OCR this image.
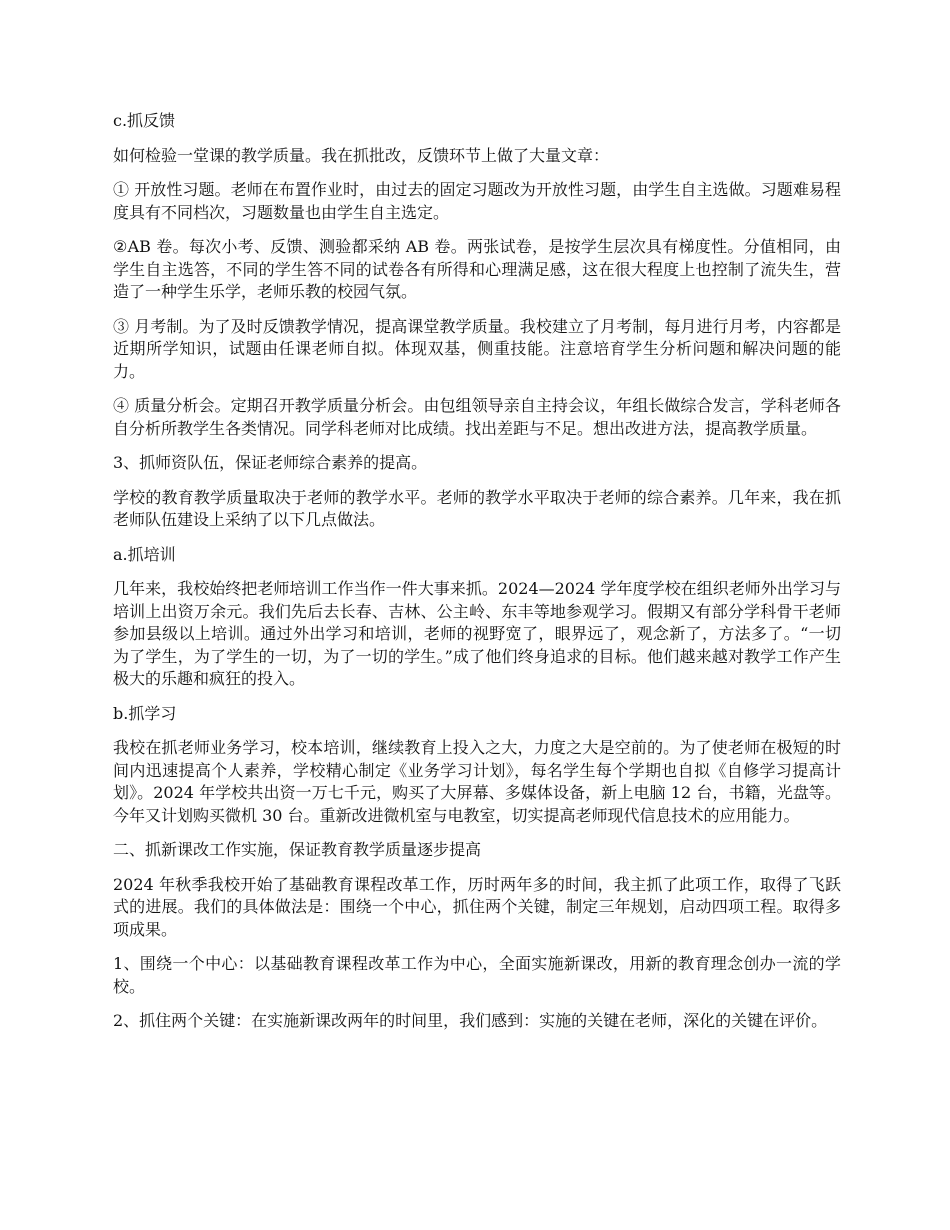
c.抓反馈

如何检验一堂课的教学质量。我在抓批改，反馈环节上做了大量文章：

① 开放性习题。老师在布置作业时，由过去的固定习题改为开放性习题，由学生自主选做。习题难易程度具有不同档次，习题数量也由学生自主选定。

②AB 卷。每次小考、反馈、测验都采纳 AB 卷。两张试卷，是按学生层次具有梯度性。分值相同，由学生自主选答，不同的学生答不同的试卷各有所得和心理满足感，这在很大程度上也控制了流失生，营造了一种学生乐学，老师乐教的校园气氛。

③ 月考制。为了及时反馈教学情况，提高课堂教学质量。我校建立了月考制，每月进行月考，内容都是近期所学知识，试题由任课老师自拟。体现双基，侧重技能。注意培育学生分析问题和解决问题的能力。

④ 质量分析会。定期召开教学质量分析会。由包组领导亲自主持会议，年组长做综合发言，学科老师各自分析所教学生各类情况。同学科老师对比成绩。找出差距与不足。想出改进方法，提高教学质量。

3、抓师资队伍，保证老师综合素养的提高。

学校的教育教学质量取决于老师的教学水平。老师的教学水平取决于老师的综合素养。几年来，我在抓老师队伍建设上采纳了以下几点做法。

a.抓培训

几年来，我校始终把老师培训工作当作一件大事来抓。2024—2024 学年度学校在组织老师外出学习与培训上出资万余元。我们先后去长春、吉林、公主岭、东丰等地参观学习。假期又有部分学科骨干老师参加县级以上培训。通过外出学习和培训，老师的视野宽了，眼界远了，观念新了，方法多了。“一切为了学生，为了学生的一切，为了一切的学生。”成了他们终身追求的目标。他们越来越对教学工作产生极大的乐趣和疯狂的投入。

b.抓学习

我校在抓老师业务学习，校本培训，继续教育上投入之大，力度之大是空前的。为了使老师在极短的时间内迅速提高个人素养，学校精心制定《业务学习计划》，每名学生每个学期也自拟《自修学习提高计划》。2024 年学校共出资一万七千元，购买了大屏幕、多媒体设备，新上电脑 12 台，书籍，光盘等。今年又计划购买微机 30 台。重新改进微机室与电教室，切实提高老师现代信息技术的应用能力。

二、抓新课改工作实施，保证教育教学质量逐步提高

2024 年秋季我校开始了基础教育课程改革工作，历时两年多的时间，我主抓了此项工作，取得了飞跃式的进展。我们的具体做法是：围绕一个中心，抓住两个关键，制定三年规划，启动四项工程。取得多项成果。

1、围绕一个中心：以基础教育课程改革工作为中心，全面实施新课改，用新的教育理念创办一流的学校。

2、抓住两个关键：在实施新课改两年的时间里，我们感到：实施的关键在老师，深化的关键在评价。
